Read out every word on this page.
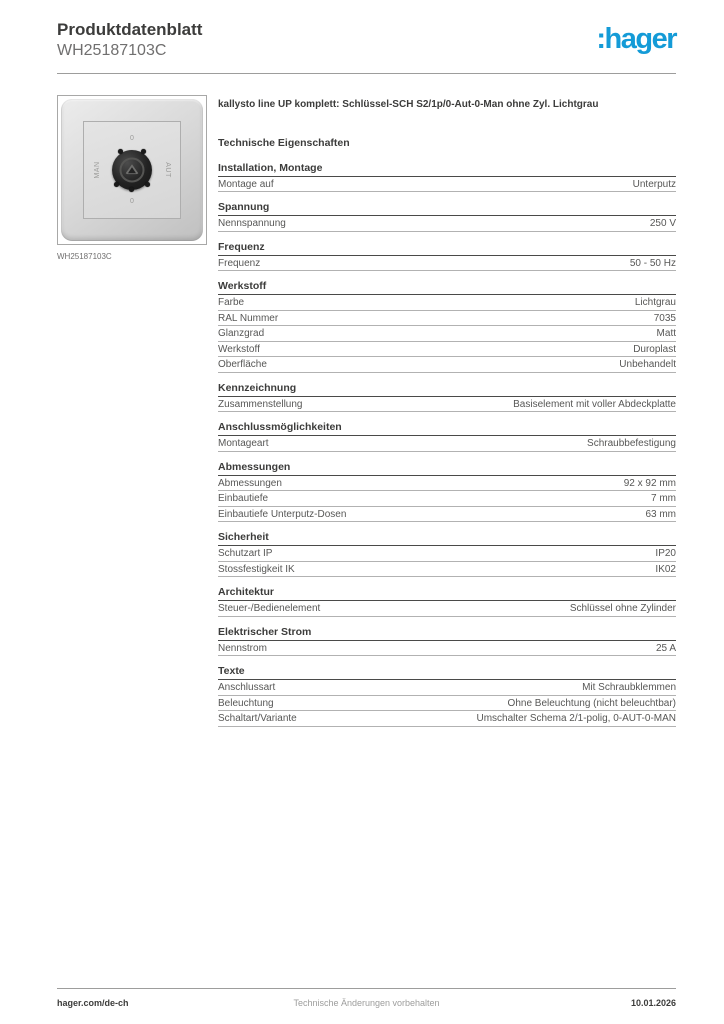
Produktdatenblatt
WH25187103C	:hager
0
0
MAN	AUT
WH25187103C
kallysto line UP komplett: Schlüssel-SCH S2/1p/0-Aut-0-Man ohne Zyl. Lichtgrau
Technische Eigenschaften
Installation, Montage
Montage auf	Unterputz
Spannung
Nennspannung	250 V
Frequenz
Frequenz	50 - 50 Hz
Werkstoff
Farbe	Lichtgrau
RAL Nummer	7035
Glanzgrad	Matt
Werkstoff	Duroplast
Oberfläche	Unbehandelt
Kennzeichnung
Zusammenstellung	Basiselement mit voller Abdeckplatte
Anschlussmöglichkeiten
Montageart	Schraubbefestigung
Abmessungen
Abmessungen	92 x 92 mm
Einbautiefe	7 mm
Einbautiefe Unterputz-Dosen	63 mm
Sicherheit
Schutzart IP	IP20
Stossfestigkeit IK	IK02
Architektur
Steuer-/Bedienelement	Schlüssel ohne Zylinder
Elektrischer Strom
Nennstrom	25 A
Texte
Anschlussart	Mit Schraubklemmen
Beleuchtung	Ohne Beleuchtung (nicht beleuchtbar)
Schaltart/Variante	Umschalter Schema 2/1-polig, 0-AUT-0-MAN
hager.com/de-ch	Technische Änderungen vorbehalten	10.01.2026
